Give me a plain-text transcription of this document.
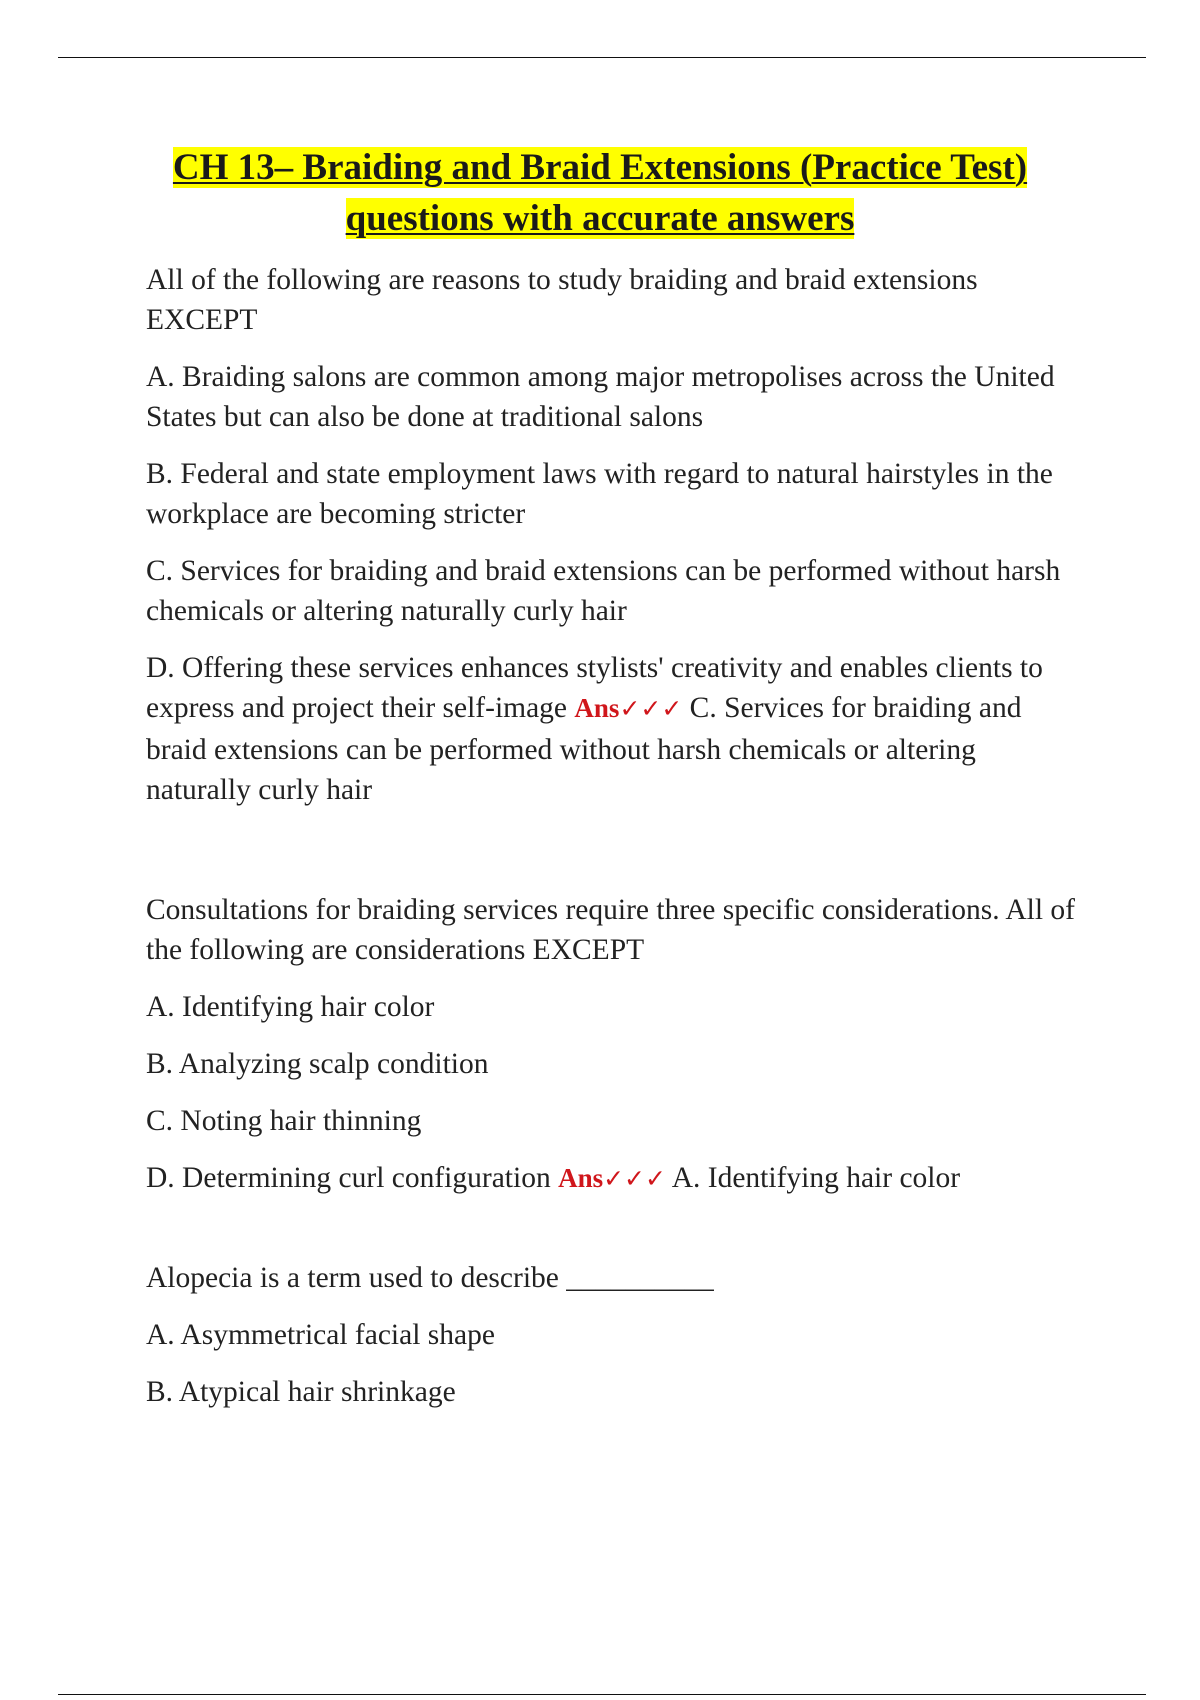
CH 13– Braiding and Braid Extensions (Practice Test)
questions with accurate answers

All of the following are reasons to study braiding and braid extensions EXCEPT

A. Braiding salons are common among major metropolises across the United States but can also be done at traditional salons

B. Federal and state employment laws with regard to natural hairstyles in the workplace are becoming stricter

C. Services for braiding and braid extensions can be performed without harsh chemicals or altering naturally curly hair

D. Offering these services enhances stylists' creativity and enables clients to express and project their self-image Ans✓✓✓ C. Services for braiding and braid extensions can be performed without harsh chemicals or altering naturally curly hair

Consultations for braiding services require three specific considerations. All of the following are considerations EXCEPT

A. Identifying hair color

B. Analyzing scalp condition

C. Noting hair thinning

D. Determining curl configuration Ans✓✓✓ A. Identifying hair color

Alopecia is a term used to describe __________

A. Asymmetrical facial shape

B. Atypical hair shrinkage
